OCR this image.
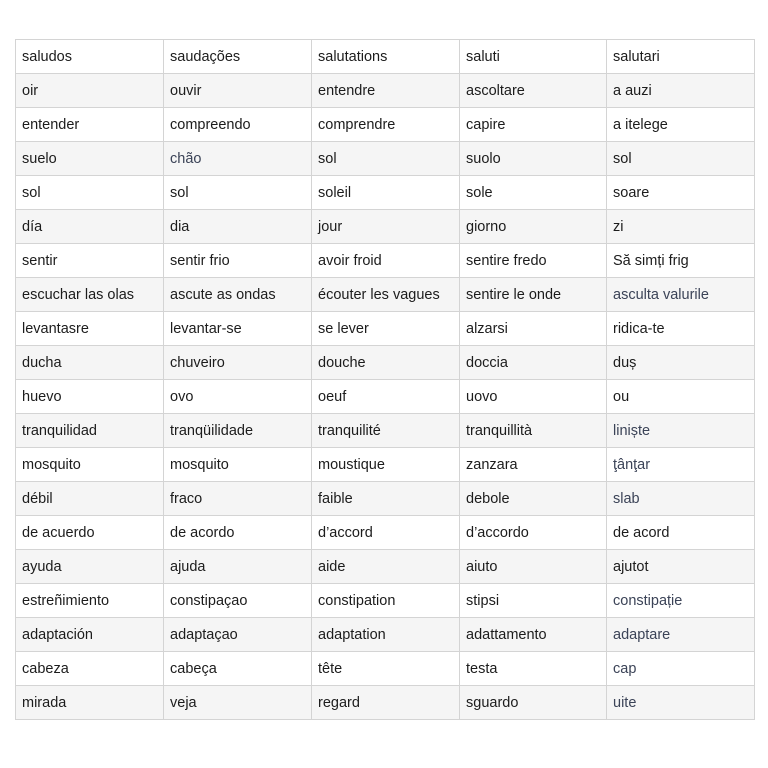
saludos	saudações	salutations	saluti	salutari
oir	ouvir	entendre	ascoltare	a auzi
entender	compreendo	comprendre	capire	a itelege
suelo	chão	sol	suolo	sol
sol	sol	soleil	sole	soare
día	dia	jour	giorno	zi
sentir	sentir frio	avoir froid	sentire fredo	Să simți frig
escuchar las olas	ascute as ondas	écouter les vagues	sentire le onde	asculta valurile
levantasre	levantar-se	se lever	alzarsi	ridica-te
ducha	chuveiro	douche	doccia	duș
huevo	ovo	oeuf	uovo	ou
tranquilidad	tranqüilidade	tranquilité	tranquillità	liniște
mosquito	mosquito	moustique	zanzara	ţânţar
débil	fraco	faible	debole	slab
de acuerdo	de acordo	d’accord	d’accordo	de acord
ayuda	ajuda	aide	aiuto	ajutot
estreñimiento	constipaçao	constipation	stipsi	constipație
adaptación	adaptaçao	adaptation	adattamento	adaptare
cabeza	cabeça	tête	testa	cap
mirada	veja	regard	sguardo	uite
